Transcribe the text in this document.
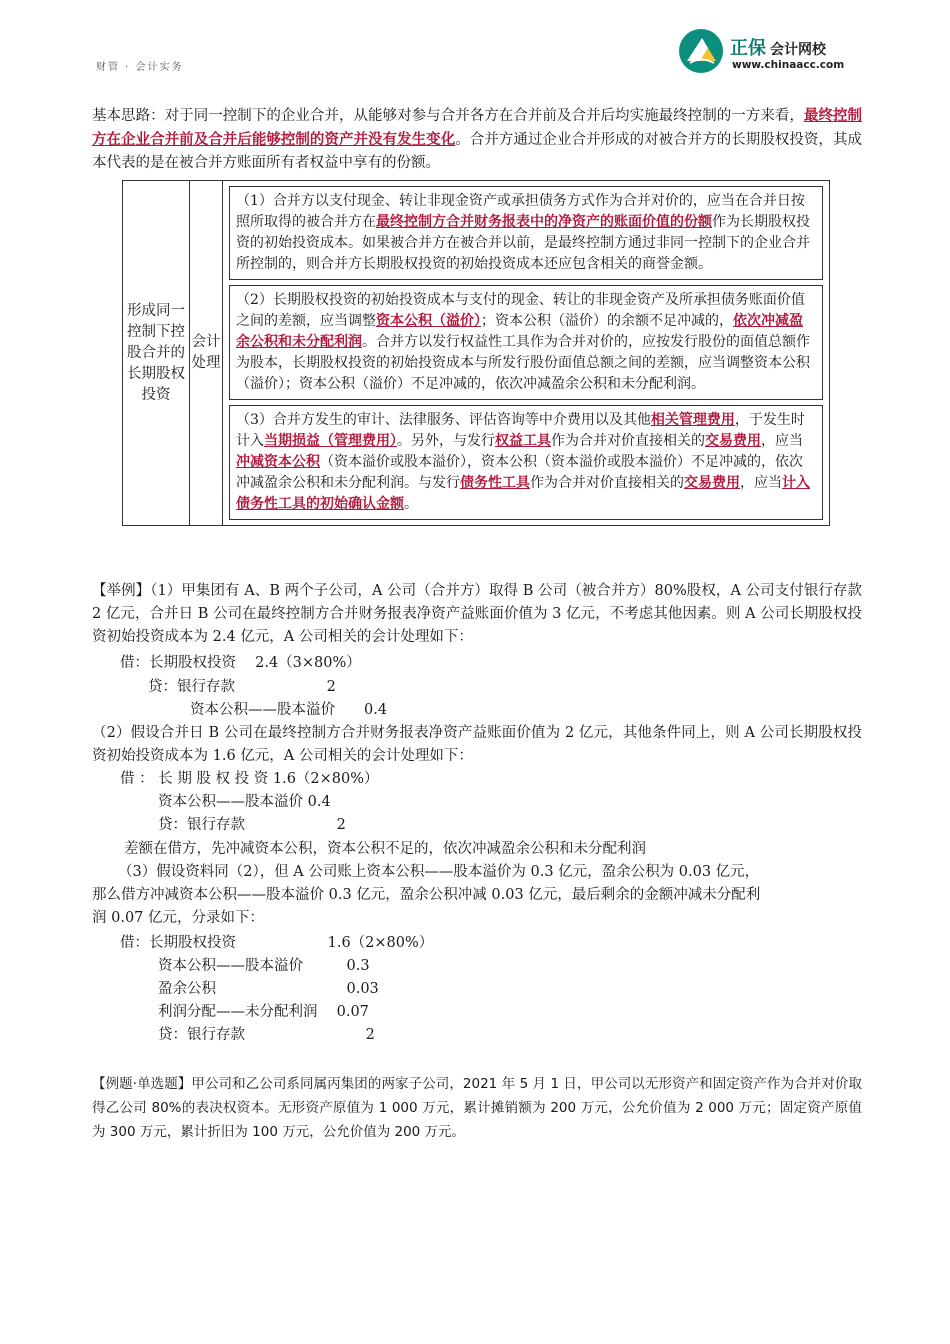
财管 · 会计实务
正保 会计网校
www.chinaacc.com
基本思路：对于同一控制下的企业合并，从能够对参与合并各方在合并前及合并后均实施最终控制的一方来看，最终控制方在企业合并前及合并后能够控制的资产并没有发生变化。合并方通过企业合并形成的对被合并方的长期股权投资，其成本代表的是在被合并方账面所有者权益中享有的份额。
形成同一控制下控股合并的长期股权投资	会计处理	
（1）合并方以支付现金、转让非现金资产或承担债务方式作为合并对价的，应当在合并日按照所取得的被合并方在最终控制方合并财务报表中的净资产的账面价值的份额作为长期股权投资的初始投资成本。如果被合并方在被合并以前，是最终控制方通过非同一控制下的企业合并所控制的，则合并方长期股权投资的初始投资成本还应包含相关的商誉金额。
（2）长期股权投资的初始投资成本与支付的现金、转让的非现金资产及所承担债务账面价值之间的差额，应当调整资本公积（溢价）；资本公积（溢价）的余额不足冲减的，依次冲减盈余公积和未分配利润。合并方以发行权益性工具作为合并对价的，应按发行股份的面值总额作为股本，长期股权投资的初始投资成本与所发行股份面值总额之间的差额，应当调整资本公积（溢价）；资本公积（溢价）不足冲减的，依次冲减盈余公积和未分配利润。
（3）合并方发生的审计、法律服务、评估咨询等中介费用以及其他相关管理费用，于发生时计入当期损益（管理费用）。另外，与发行权益工具作为合并对价直接相关的交易费用，应当冲减资本公积（资本溢价或股本溢价），资本公积（资本溢价或股本溢价）不足冲减的，依次冲减盈余公积和未分配利润。与发行债务性工具作为合并对价直接相关的交易费用，应当计入债务性工具的初始确认金额。
【举例】（1）甲集团有 A、B 两个子公司，A 公司（合并方）取得 B 公司（被合并方）80%股权，A 公司支付银行存款 2 亿元，合并日 B 公司在最终控制方合并财务报表净资产益账面价值为 3 亿元，不考虑其他因素。则 A 公司长期股权投资初始投资成本为 2.4 亿元，A 公司相关的会计处理如下：
借：长期股权投资　 2.4（3×80%）
贷：银行存款　　　　　　 2
资本公积——股本溢价　　0.4
（2）假设合并日 B 公司在最终控制方合并财务报表净资产益账面价值为 2 亿元，其他条件同上，则 A 公司长期股权投资初始投资成本为 1.6 亿元，A 公司相关的会计处理如下：
借 ： 长 期 股 权 投 资 1.6（2×80%）
资本公积——股本溢价 0.4
贷：银行存款　　　　　　 2
差额在借方，先冲减资本公积，资本公积不足的，依次冲减盈余公积和未分配利润
（3）假设资料同（2），但 A 公司账上资本公积——股本溢价为 0.3 亿元，盈余公积为 0.03 亿元，
那么借方冲减资本公积——股本溢价 0.3 亿元，盈余公积冲减 0.03 亿元，最后剩余的金额冲减未分配利
润 0.07 亿元，分录如下：
借：长期股权投资　　　　　　 1.6（2×80%）
资本公积——股本溢价　　　0.3
盈余公积　　　　　　　　　0.03
利润分配——未分配利润　 0.07
贷：银行存款　　　　　　　　 2
【例题·单选题】甲公司和乙公司系同属丙集团的两家子公司，2021 年 5 月 1 日，甲公司以无形资产和固定资产作为合并对价取得乙公司 80%的表决权资本。无形资产原值为 1 000 万元，累计摊销额为 200 万元，公允价值为 2 000 万元；固定资产原值为 300 万元，累计折旧为 100 万元，公允价值为 200 万元。
